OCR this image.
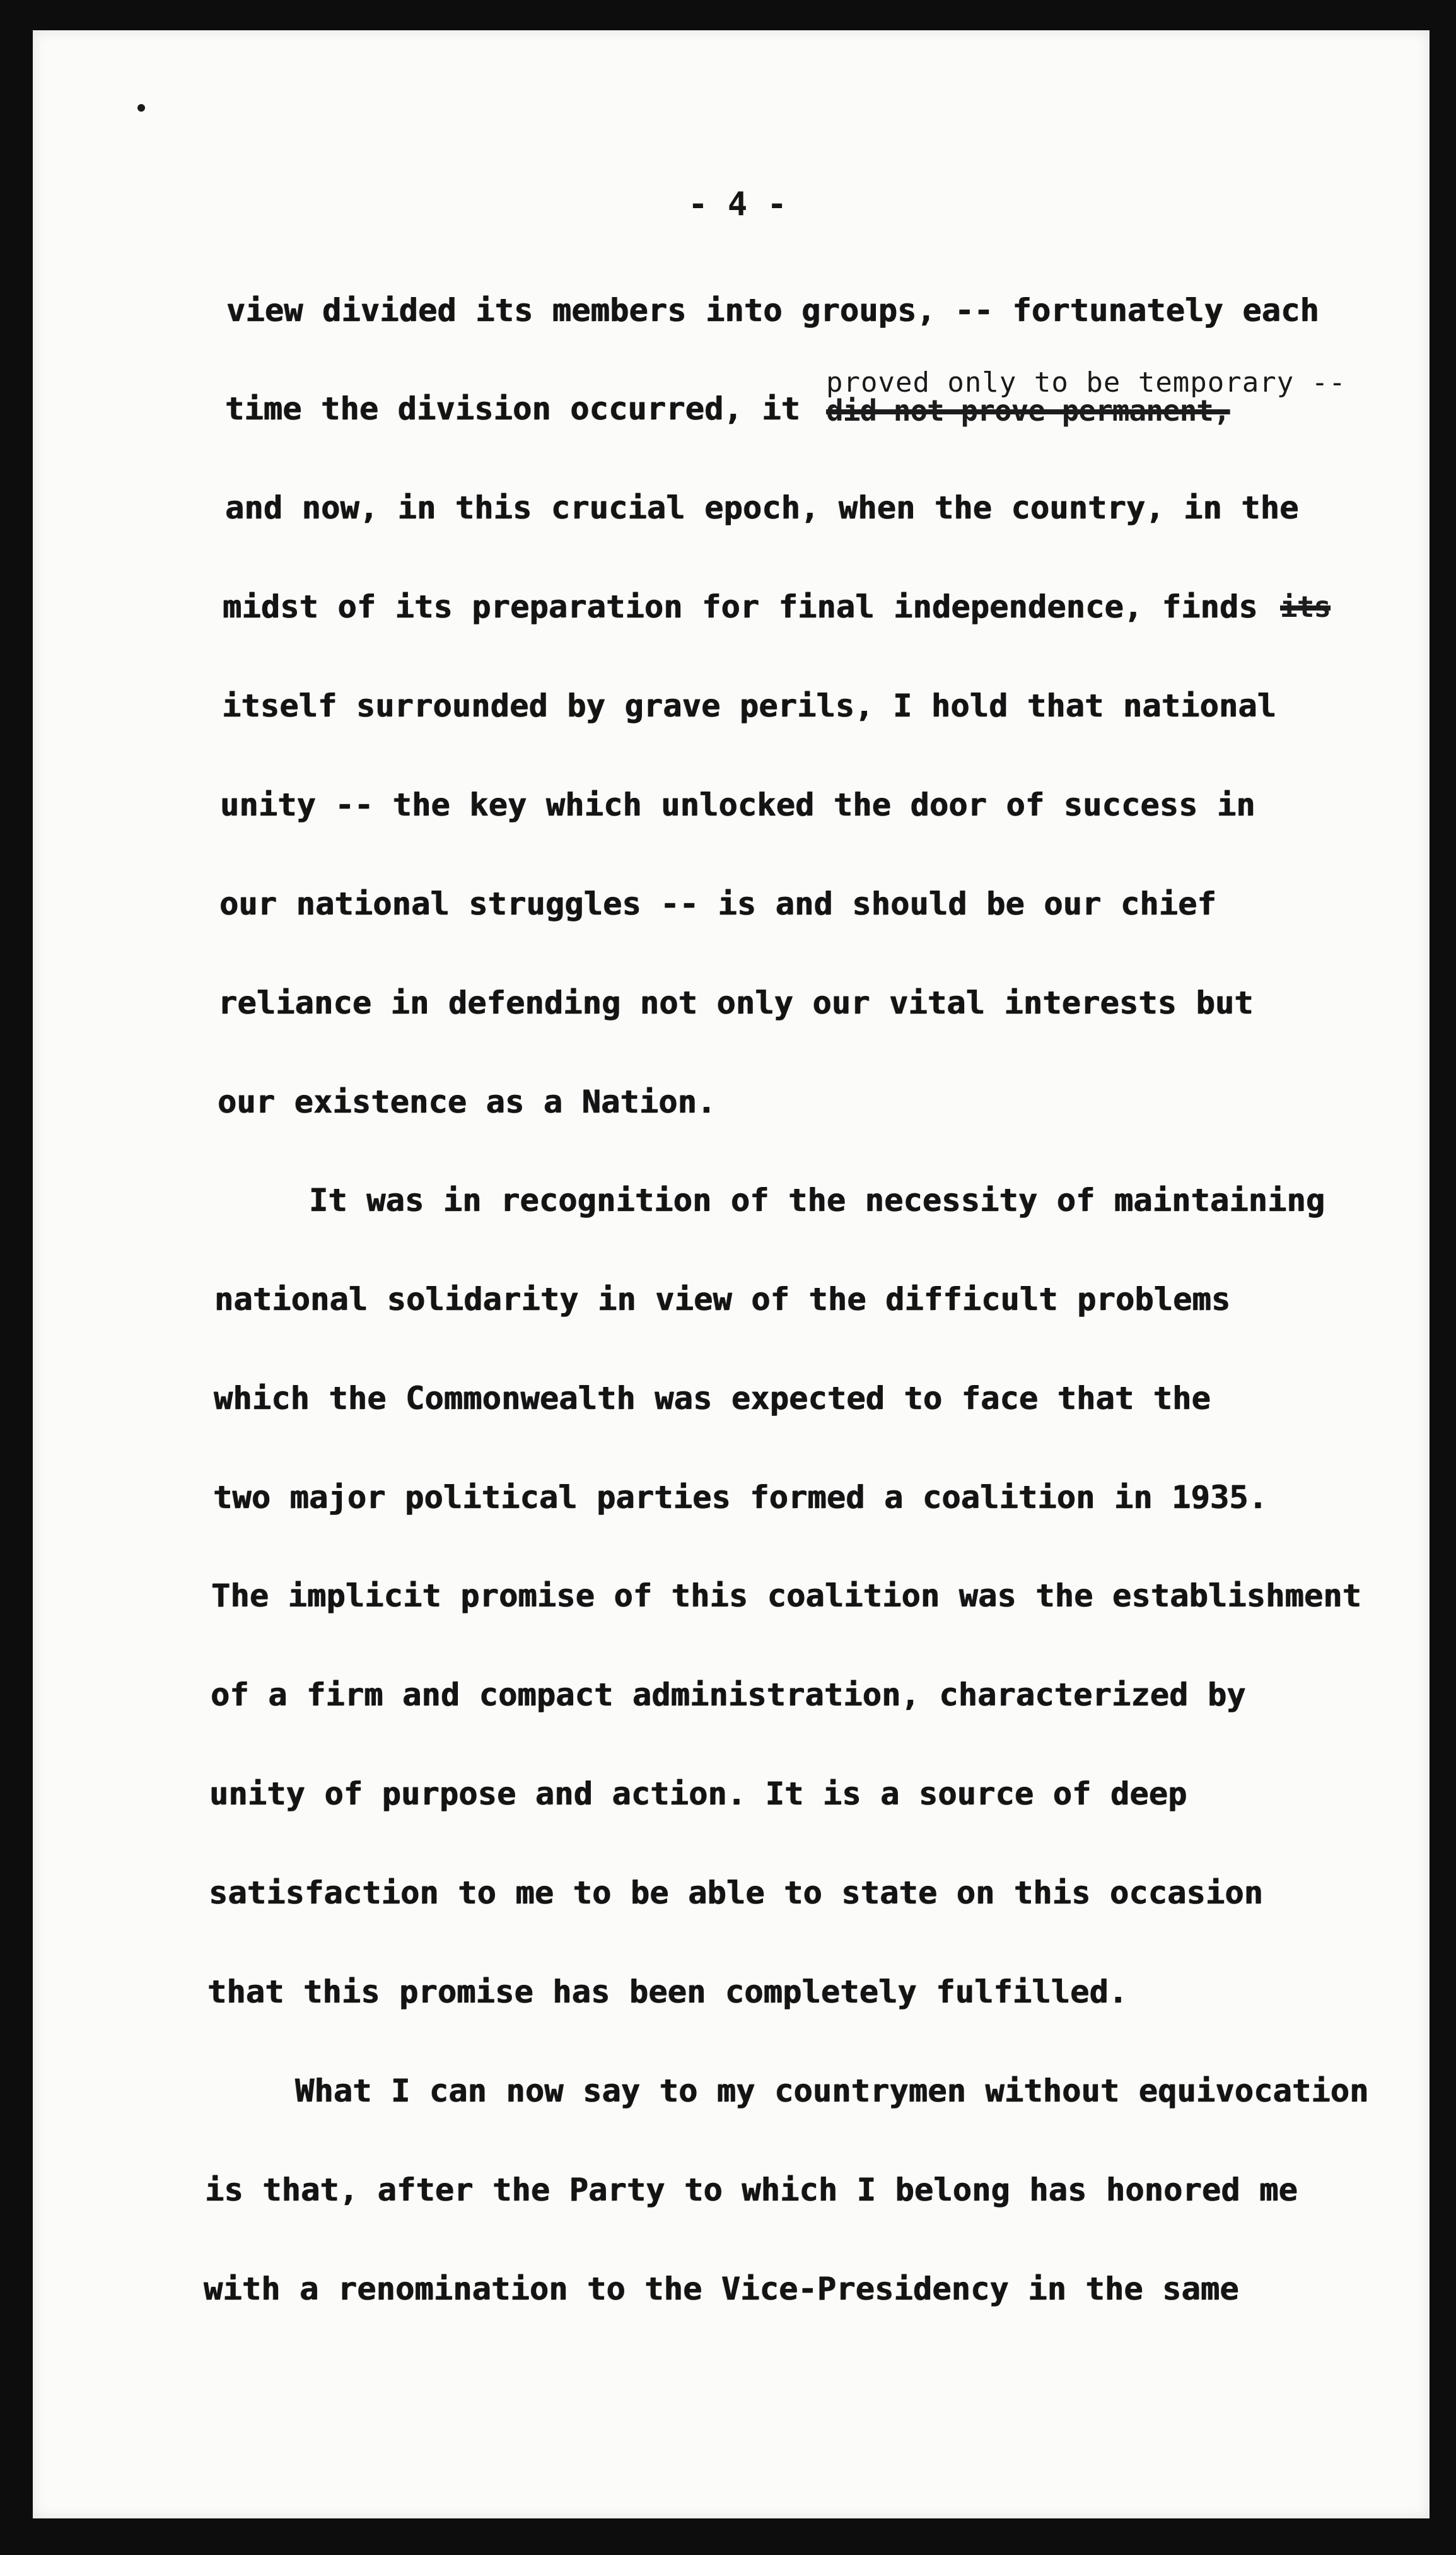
- 4 -

view divided its members into groups, -- fortunately each

proved only to be temporary --

time the division occurred, it did not prove permanent,

and now, in this crucial epoch, when the country, in the

midst of its preparation for final independence, finds its

itself surrounded by grave perils, I hold that national

unity -- the key which unlocked the door of success in

our national struggles -- is and should be our chief

reliance in defending not only our vital interests but

our existence as a Nation.

It was in recognition of the necessity of maintaining

national solidarity in view of the difficult problems

which the Commonwealth was expected to face that the

two major political parties formed a coalition in 1935.

The implicit promise of this coalition was the establishment

of a firm and compact administration, characterized by

unity of purpose and action. It is a source of deep

satisfaction to me to be able to state on this occasion

that this promise has been completely fulfilled.

What I can now say to my countrymen without equivocation

is that, after the Party to which I belong has honored me

with a renomination to the Vice-Presidency in the same
